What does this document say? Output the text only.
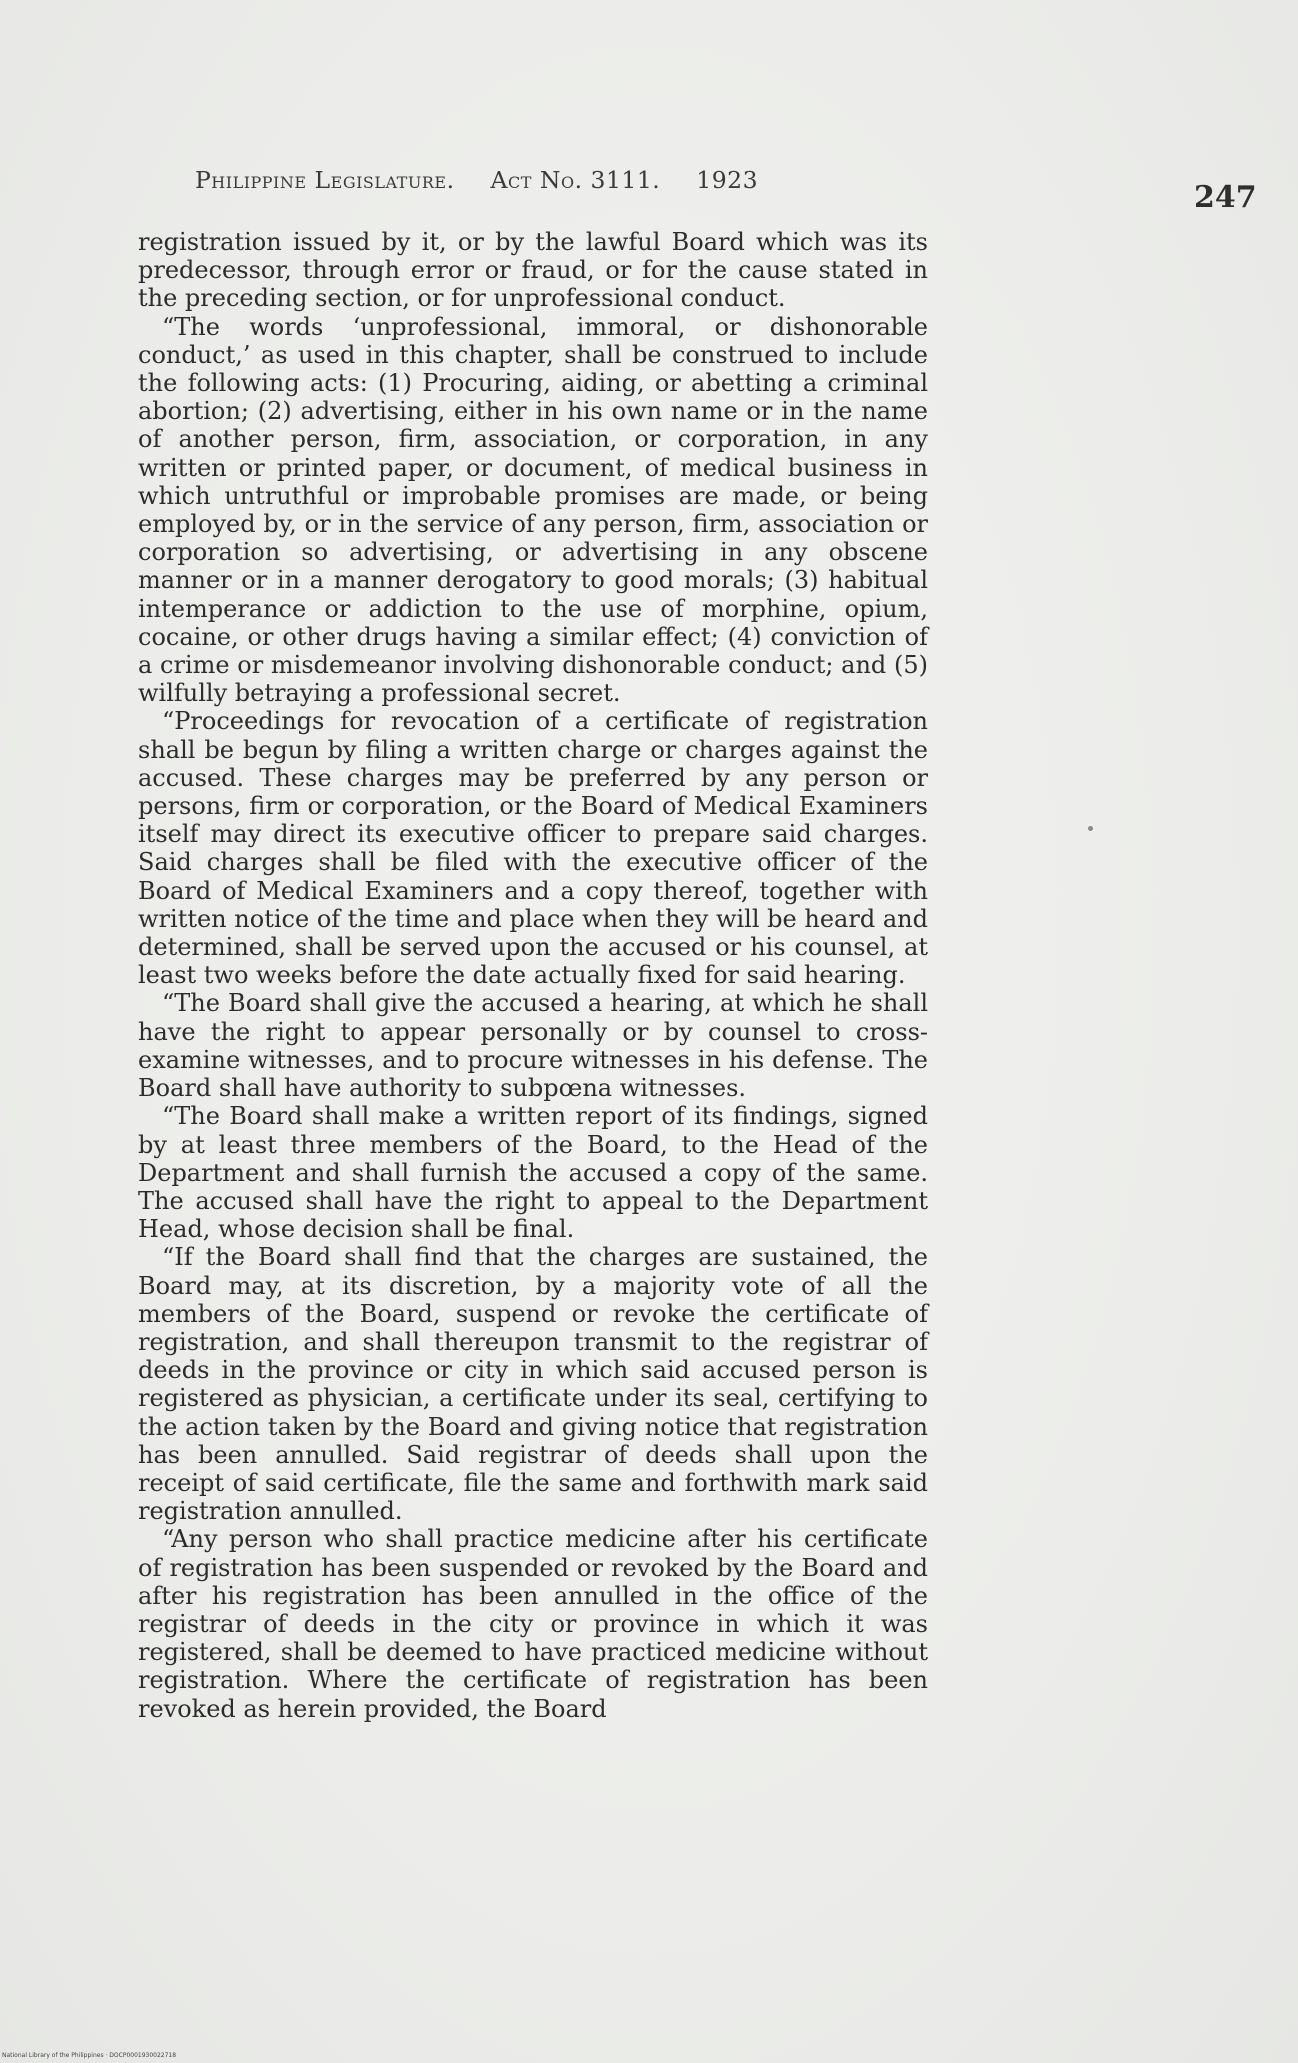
Philippine Legislature. Act No. 3111. 1923	247

registration issued by it, or by the lawful Board which was its predecessor, through error or fraud, or for the cause stated in the preceding section, or for unprofessional conduct.

“The words ‘unprofessional, immoral, or dishonorable conduct,’ as used in this chapter, shall be construed to include the following acts: (1) Procuring, aiding, or abetting a criminal abortion; (2) advertising, either in his own name or in the name of another person, firm, association, or corporation, in any written or printed paper, or document, of medical business in which untruthful or improbable promises are made, or being employed by, or in the service of any person, firm, association or corporation so advertising, or advertising in any obscene manner or in a manner derogatory to good morals; (3) habitual intemperance or addiction to the use of morphine, opium, cocaine, or other drugs having a similar effect; (4) conviction of a crime or misdemeanor involving dishonorable conduct; and (5) wilfully betraying a professional secret.

“Proceedings for revocation of a certificate of registration shall be begun by filing a written charge or charges against the accused. These charges may be preferred by any person or persons, firm or corporation, or the Board of Medical Examiners itself may direct its executive officer to prepare said charges. Said charges shall be filed with the executive officer of the Board of Medical Examiners and a copy thereof, together with written notice of the time and place when they will be heard and determined, shall be served upon the accused or his counsel, at least two weeks before the date actually fixed for said hearing.

“The Board shall give the accused a hearing, at which he shall have the right to appear personally or by counsel to cross-examine witnesses, and to procure witnesses in his defense. The Board shall have authority to subpœna witnesses.

“The Board shall make a written report of its findings, signed by at least three members of the Board, to the Head of the Department and shall furnish the accused a copy of the same. The accused shall have the right to appeal to the Department Head, whose decision shall be final.

“If the Board shall find that the charges are sustained, the Board may, at its discretion, by a majority vote of all the members of the Board, suspend or revoke the certificate of registration, and shall thereupon transmit to the registrar of deeds in the province or city in which said accused person is registered as physician, a certificate under its seal, certifying to the action taken by the Board and giving notice that registration has been annulled. Said registrar of deeds shall upon the receipt of said certificate, file the same and forthwith mark said registration annulled.

“Any person who shall practice medicine after his certificate of registration has been suspended or revoked by the Board and after his registration has been annulled in the office of the registrar of deeds in the city or province in which it was registered, shall be deemed to have practiced medicine without registration. Where the certificate of registration has been revoked as herein provided, the Board

National Library of the Philippines · DOCP0001930022718
